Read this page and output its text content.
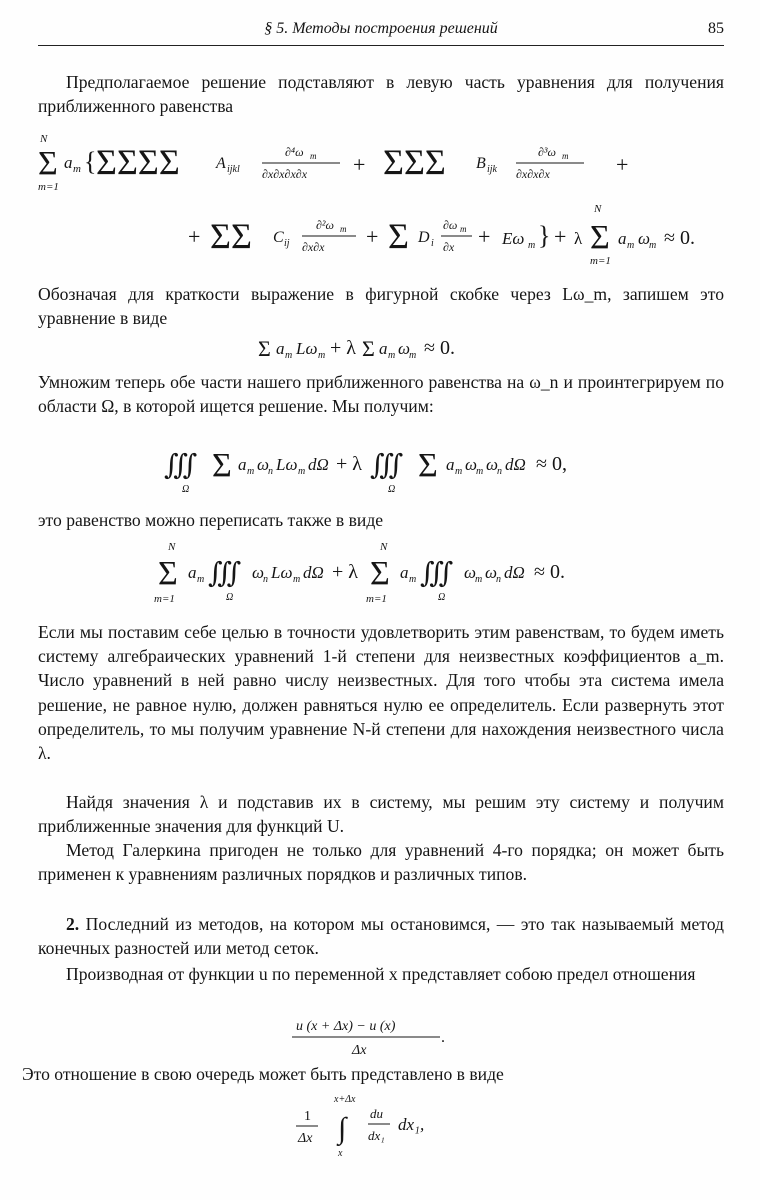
§ 5. Методы построения решений	85
Предполагаемое решение подставляют в левую часть уравнения для получения приближенного равенства
N
Σ
m=1
a m { ΣΣΣΣ A ijkl
∂⁴ω m
∂x∂x∂x∂x + ΣΣΣ B ijk
∂³ω m
∂x∂x∂x	+
+ ΣΣ C ij
∂²ω m
∂x∂x + Σ D i
∂ω m
∂x + Eω m } + λ
N
Σ
m=1
a m ω
m ≈ 0.
Обозначая для краткости выражение в фигурной скобке через Lω_m, запишем это уравнение в виде
Σ a m Lω m + λ Σ a m ω
m ≈ 0.
Умножим теперь обе части нашего приближенного равенства на ω_n и проинтегрируем по области Ω, в которой ищется решение. Мы получим:
∭
Ω
Σ a m ω
n Lω m dΩ + λ ∭
Ω
Σ a m ω
m ω
n dΩ ≈ 0,
это равенство можно переписать также в виде
N
Σ
m=1
a m ∭
Ω
ω
n Lω m dΩ + λ
N
Σ
m=1
a m ∭
Ω
ω
m ω
n dΩ ≈ 0.
Если мы поставим себе целью в точности удовлетворить этим равенствам, то будем иметь систему алгебраических уравнений 1-й степени для неизвестных коэффициентов a_m. Число уравнений в ней равно числу неизвестных. Для того чтобы эта система имела решение, не равное нулю, должен равняться нулю ее определитель. Если развернуть этот определитель, то мы получим уравнение N-й степени для нахождения неизвестного числа λ.
Найдя значения λ и подставив их в систему, мы решим эту систему и получим приближенные значения для функций U.
Метод Галеркина пригоден не только для уравнений 4-го порядка; он может быть применен к уравнениям различных порядков и различных типов.
2. Последний из методов, на котором мы остановимся, — это так называемый метод конечных разностей или метод сеток.
Производная от функции u по переменной x представляет собою предел отношения
u (x + Δx) − u (x)
Δx
.
Это отношение в свою очередь может быть представлено в виде
1
Δx
x+Δx
∫
x
du
dx₁
dx₁,
